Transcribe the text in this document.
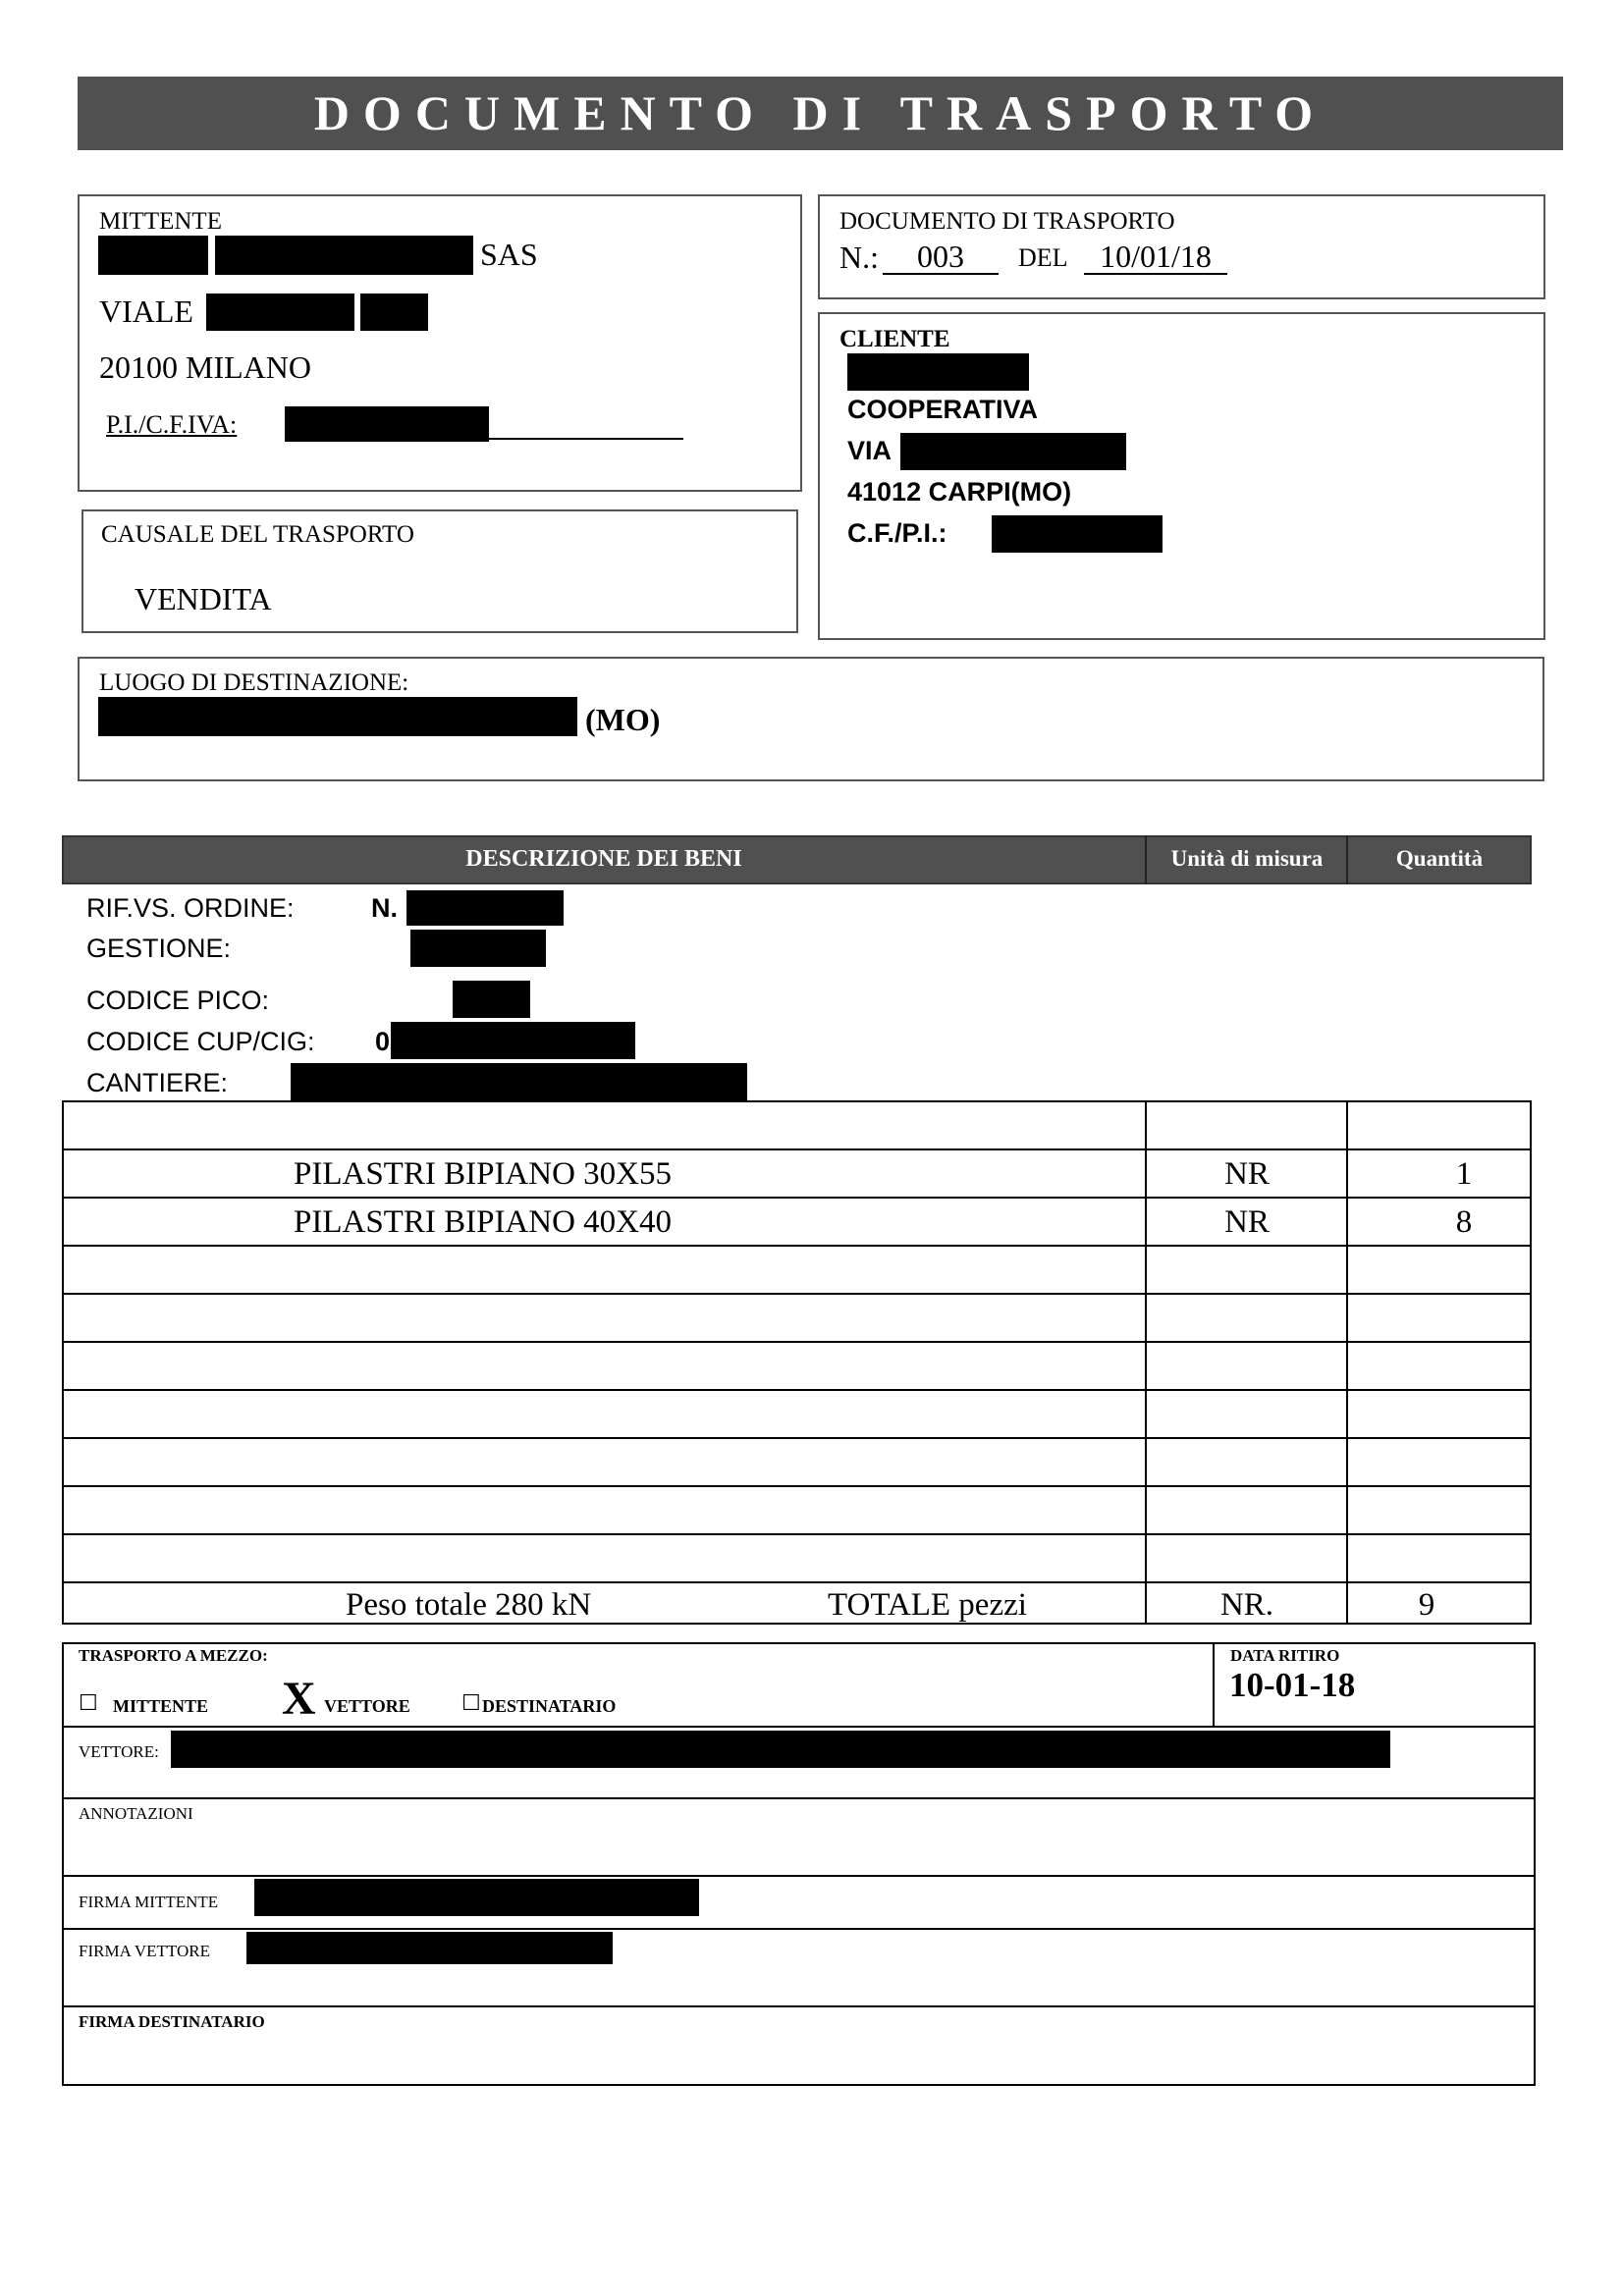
DOCUMENTO DI TRASPORTO
MITTENTE
SAS
VIALE
20100 MILANO
P.I./C.F.IVA:
DOCUMENTO DI TRASPORTO
N.:	003	DEL	10/01/18
CLIENTE
COOPERATIVA
VIA
41012 CARPI(MO)
C.F./P.I.:
CAUSALE DEL TRASPORTO
VENDITA
LUOGO DI DESTINAZIONE:
(MO)
DESCRIZIONE DEI BENI	Unità di misura	Quantità
RIF.VS. ORDINE:	N.
GESTIONE:
CODICE PICO:
CODICE CUP/CIG: 0
CANTIERE:
PILASTRI BIPIANO 30X55	NR	1
PILASTRI BIPIANO 40X40	NR	8
Peso totale 280 kN	TOTALE pezzi	NR.	9
TRASPORTO A MEZZO:
☐ MITTENTE X VETTORE ☐ DESTINATARIO
DATA RITIRO
10-01-18
VETTORE:
ANNOTAZIONI
FIRMA MITTENTE
FIRMA VETTORE
FIRMA DESTINATARIO
